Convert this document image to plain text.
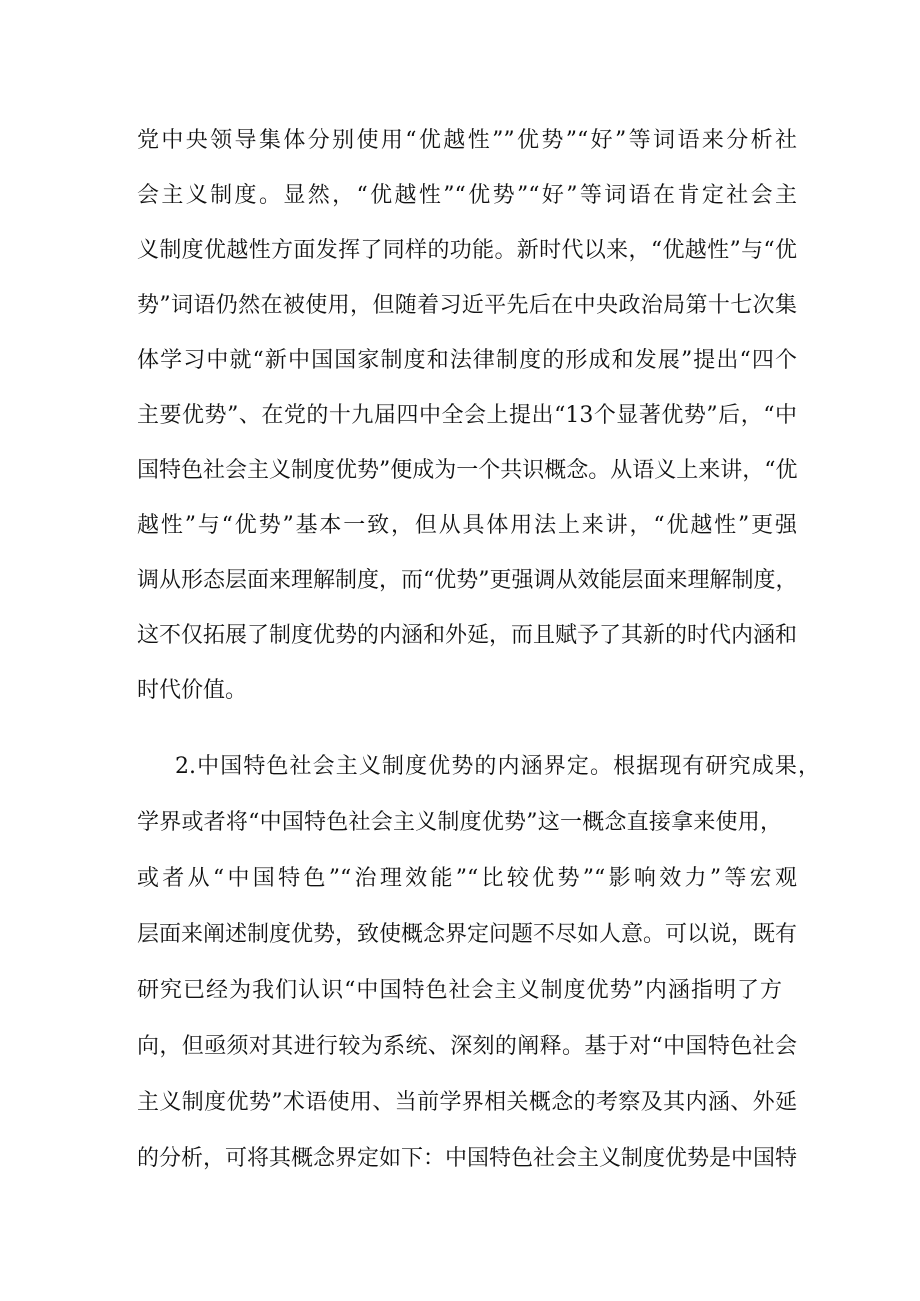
党中央领导集体分别使用“优越性””优势”“好”等词语来分析社
会主义制度。显然，“优越性”“优势”“好”等词语在肯定社会主
义制度优越性方面发挥了同样的功能。新时代以来，“优越性”与“优
势”词语仍然在被使用，但随着习近平先后在中央政治局第十七次集
体学习中就“新中国国家制度和法律制度的形成和发展”提出“四个
主要优势”、在党的十九届四中全会上提出“13个显著优势”后，“中
国特色社会主义制度优势”便成为一个共识概念。从语义上来讲，“优
越性”与“优势”基本一致，但从具体用法上来讲，“优越性”更强
调从形态层面来理解制度，而“优势”更强调从效能层面来理解制度，
这不仅拓展了制度优势的内涵和外延，而且赋予了其新的时代内涵和
时代价值。
2.中国特色社会主义制度优势的内涵界定。根据现有研究成果，
学界或者将“中国特色社会主义制度优势”这一概念直接拿来使用，
或者从“中国特色”“治理效能”“比较优势”“影响效力”等宏观
层面来阐述制度优势，致使概念界定问题不尽如人意。可以说，既有
研究已经为我们认识“中国特色社会主义制度优势”内涵指明了方
向，但亟须对其进行较为系统、深刻的阐释。基于对“中国特色社会
主义制度优势”术语使用、当前学界相关概念的考察及其内涵、外延
的分析，可将其概念界定如下：中国特色社会主义制度优势是中国特
